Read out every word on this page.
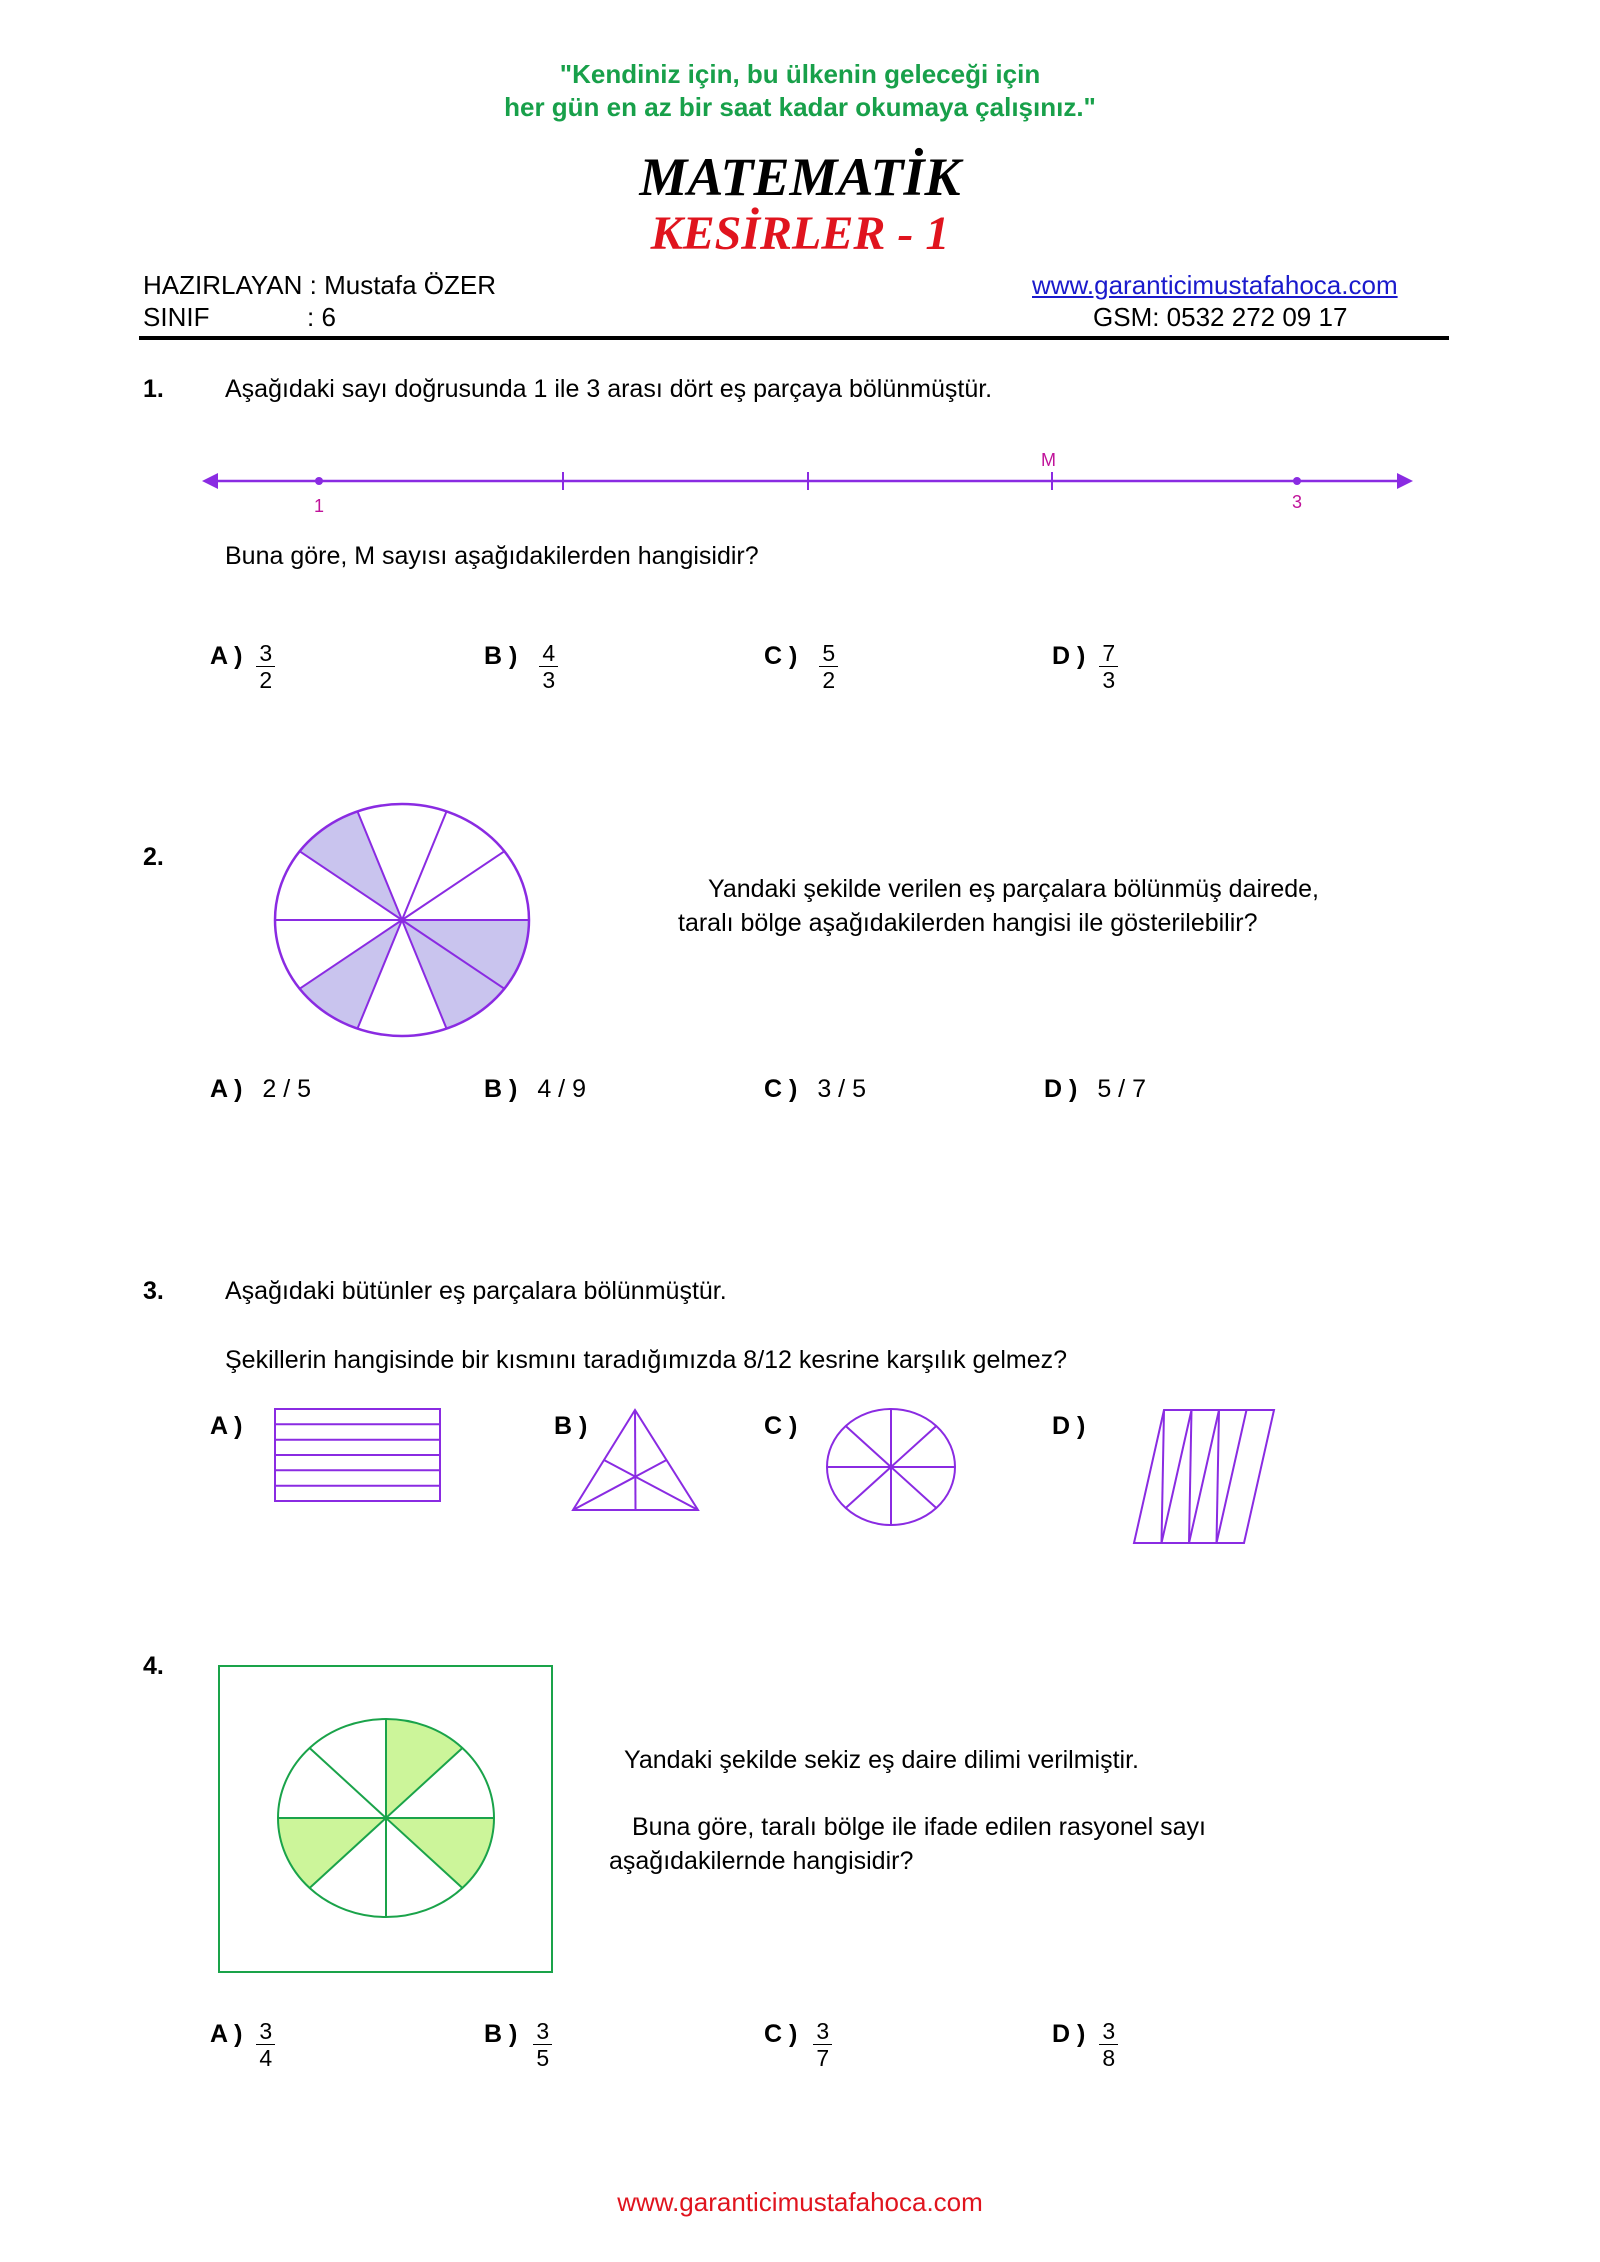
"Kendiniz için, bu ülkenin geleceği için
her gün en az bir saat kadar okumaya çalışınız."
MATEMATİK
KESİRLER - 1
HAZIRLAYAN : Mustafa ÖZER
SINIF	: 6
www.garanticimustafahoca.com
GSM: 0532 272 09 17
1. Aşağıdaki sayı doğrusunda 1 ile 3 arası dört eş parçaya bölünmüştür.
1
M
3
Buna göre, M sayısı aşağıdakilerden hangisidir?
A ) $\frac{3}{2}$	B ) $\frac{4}{3}$	C ) $\frac{5}{2}$	D ) $\frac{7}{3}$
2.
Yandaki şekilde verilen eş parçalara bölünmüş dairede,
taralı bölge aşağıdakilerden hangisi ile gösterilebilir?
A ) 2 / 5	B ) 4 / 9	C ) 3 / 5	D ) 5 / 7
3. Aşağıdaki bütünler eş parçalara bölünmüştür.
Şekillerin hangisinde bir kısmını taradığımızda 8/12 kesrine karşılık gelmez?
A )	B )	C )	D )
4.
Yandaki şekilde sekiz eş daire dilimi verilmiştir.
Buna göre, taralı bölge ile ifade edilen rasyonel sayı
aşağıdakilernde hangisidir?
A ) $\frac{3}{4}$	B ) $\frac{3}{5}$	C ) $\frac{3}{7}$	D ) $\frac{3}{8}$
www.garanticimustafahoca.com
